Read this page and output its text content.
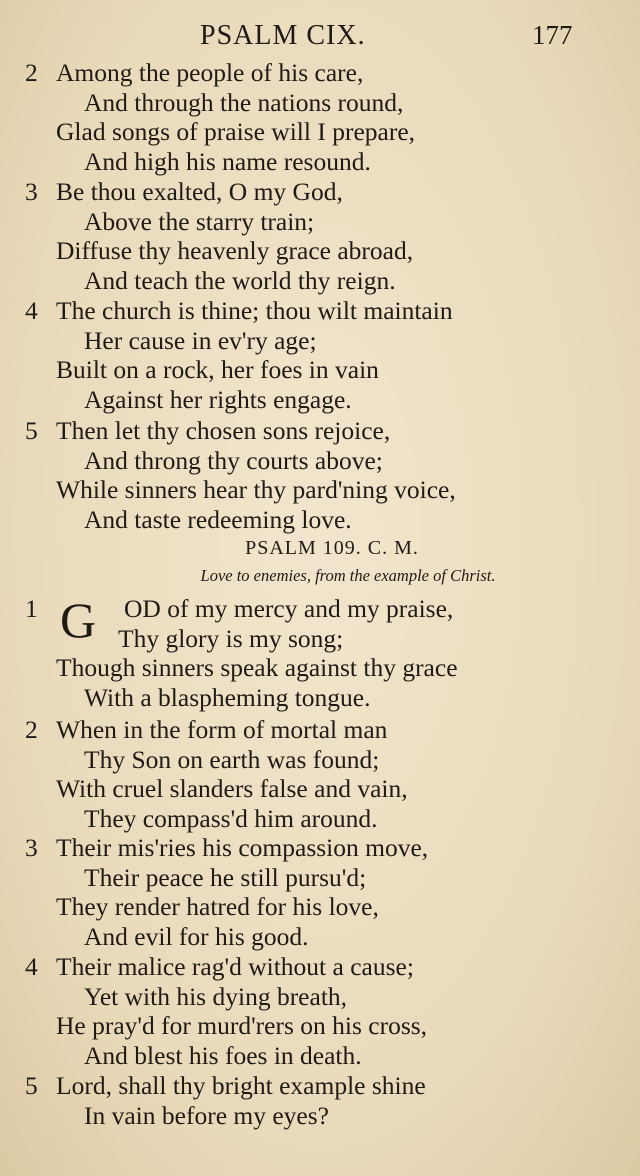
PSALM CIX.	177
2 Among the people of his care,
And through the nations round,
Glad songs of praise will I prepare,
And high his name resound.
3 Be thou exalted, O my God,
Above the starry train;
Diffuse thy heavenly grace abroad,
And teach the world thy reign.
4 The church is thine; thou wilt maintain
Her cause in ev'ry age;
Built on a rock, her foes in vain
Against her rights engage.
5 Then let thy chosen sons rejoice,
And throng thy courts above;
While sinners hear thy pard'ning voice,
And taste redeeming love.
PSALM 109. C. M.
Love to enemies, from the example of Christ.
G
1	OD of my mercy and my praise,
Thy glory is my song;
Though sinners speak against thy grace
With a blaspheming tongue.
2 When in the form of mortal man
Thy Son on earth was found;
With cruel slanders false and vain,
They compass'd him around.
3 Their mis'ries his compassion move,
Their peace he still pursu'd;
They render hatred for his love,
And evil for his good.
4 Their malice rag'd without a cause;
Yet with his dying breath,
He pray'd for murd'rers on his cross,
And blest his foes in death.
5 Lord, shall thy bright example shine
In vain before my eyes?
